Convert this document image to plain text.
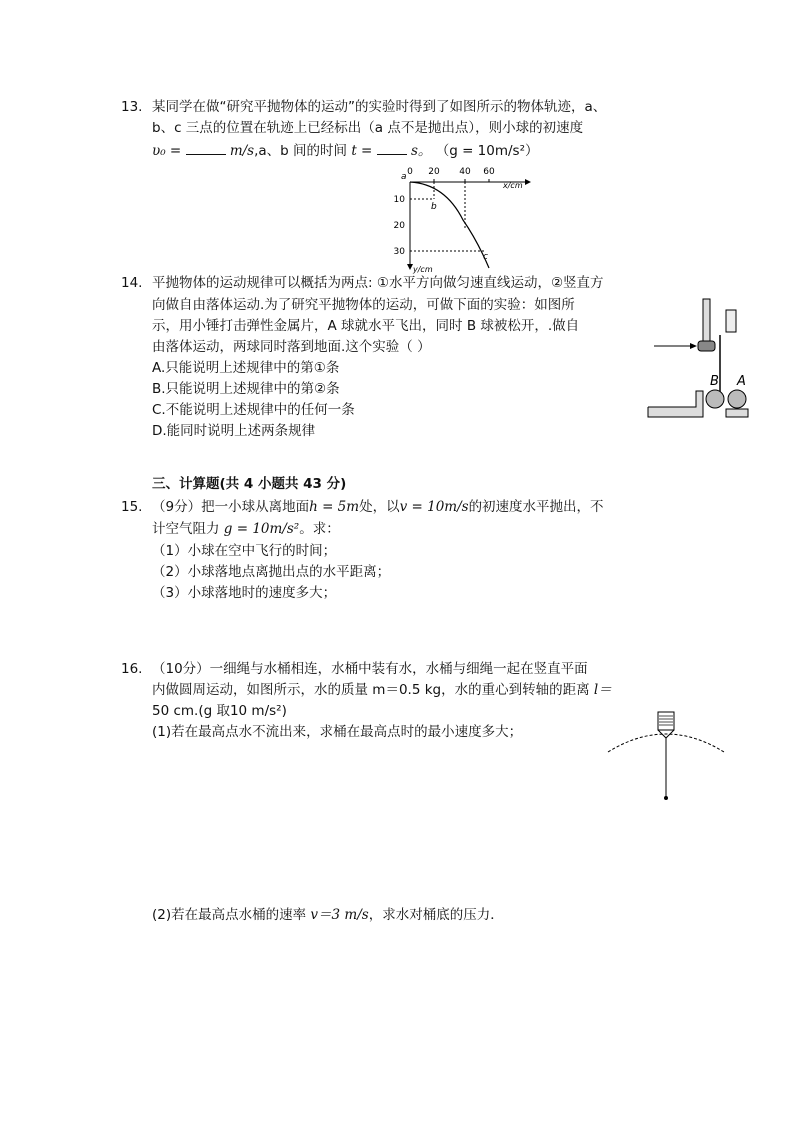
13. 某同学在做“研究平抛物体的运动”的实验时得到了如图所示的物体轨迹，a、
b、c 三点的位置在轨迹上已经标出（a 点不是抛出点），则小球的初速度
υ₀ =	m/s,a、b 间的时间 t =	s。 （g = 10m/s²）
0 20 40 60
x/cm
10
20
30
y/cm
a
b
c
14. 平抛物体的运动规律可以概括为两点: ①水平方向做匀速直线运动，②竖直方
向做自由落体运动.为了研究平抛物体的运动，可做下面的实验：如图所
示，用小锤打击弹性金属片，A 球就水平飞出，同时 B 球被松开，.做自
由落体运动，两球同时落到地面.这个实验（ ）
A.只能说明上述规律中的第①条
B.只能说明上述规律中的第②条
C.不能说明上述规律中的任何一条
D.能同时说明上述两条规律
B A
三、计算题(共 4 小题共 43 分)
15. （9分）把一小球从离地面h = 5m处，以v = 10m/s的初速度水平抛出，不
计空气阻力 g = 10m/s²。求：
（1）小球在空中飞行的时间；
（2）小球落地点离抛出点的水平距离；
（3）小球落地时的速度多大；
16. （10分）一细绳与水桶相连，水桶中装有水，水桶与细绳一起在竖直平面
内做圆周运动，如图所示，水的质量 m＝0.5 kg，水的重心到转轴的距离 l＝
50 cm.(g 取10 m/s²)
(1)若在最高点水不流出来，求桶在最高点时的最小速度多大；
(2)若在最高点水桶的速率 v＝3 m/s，求水对桶底的压力．
